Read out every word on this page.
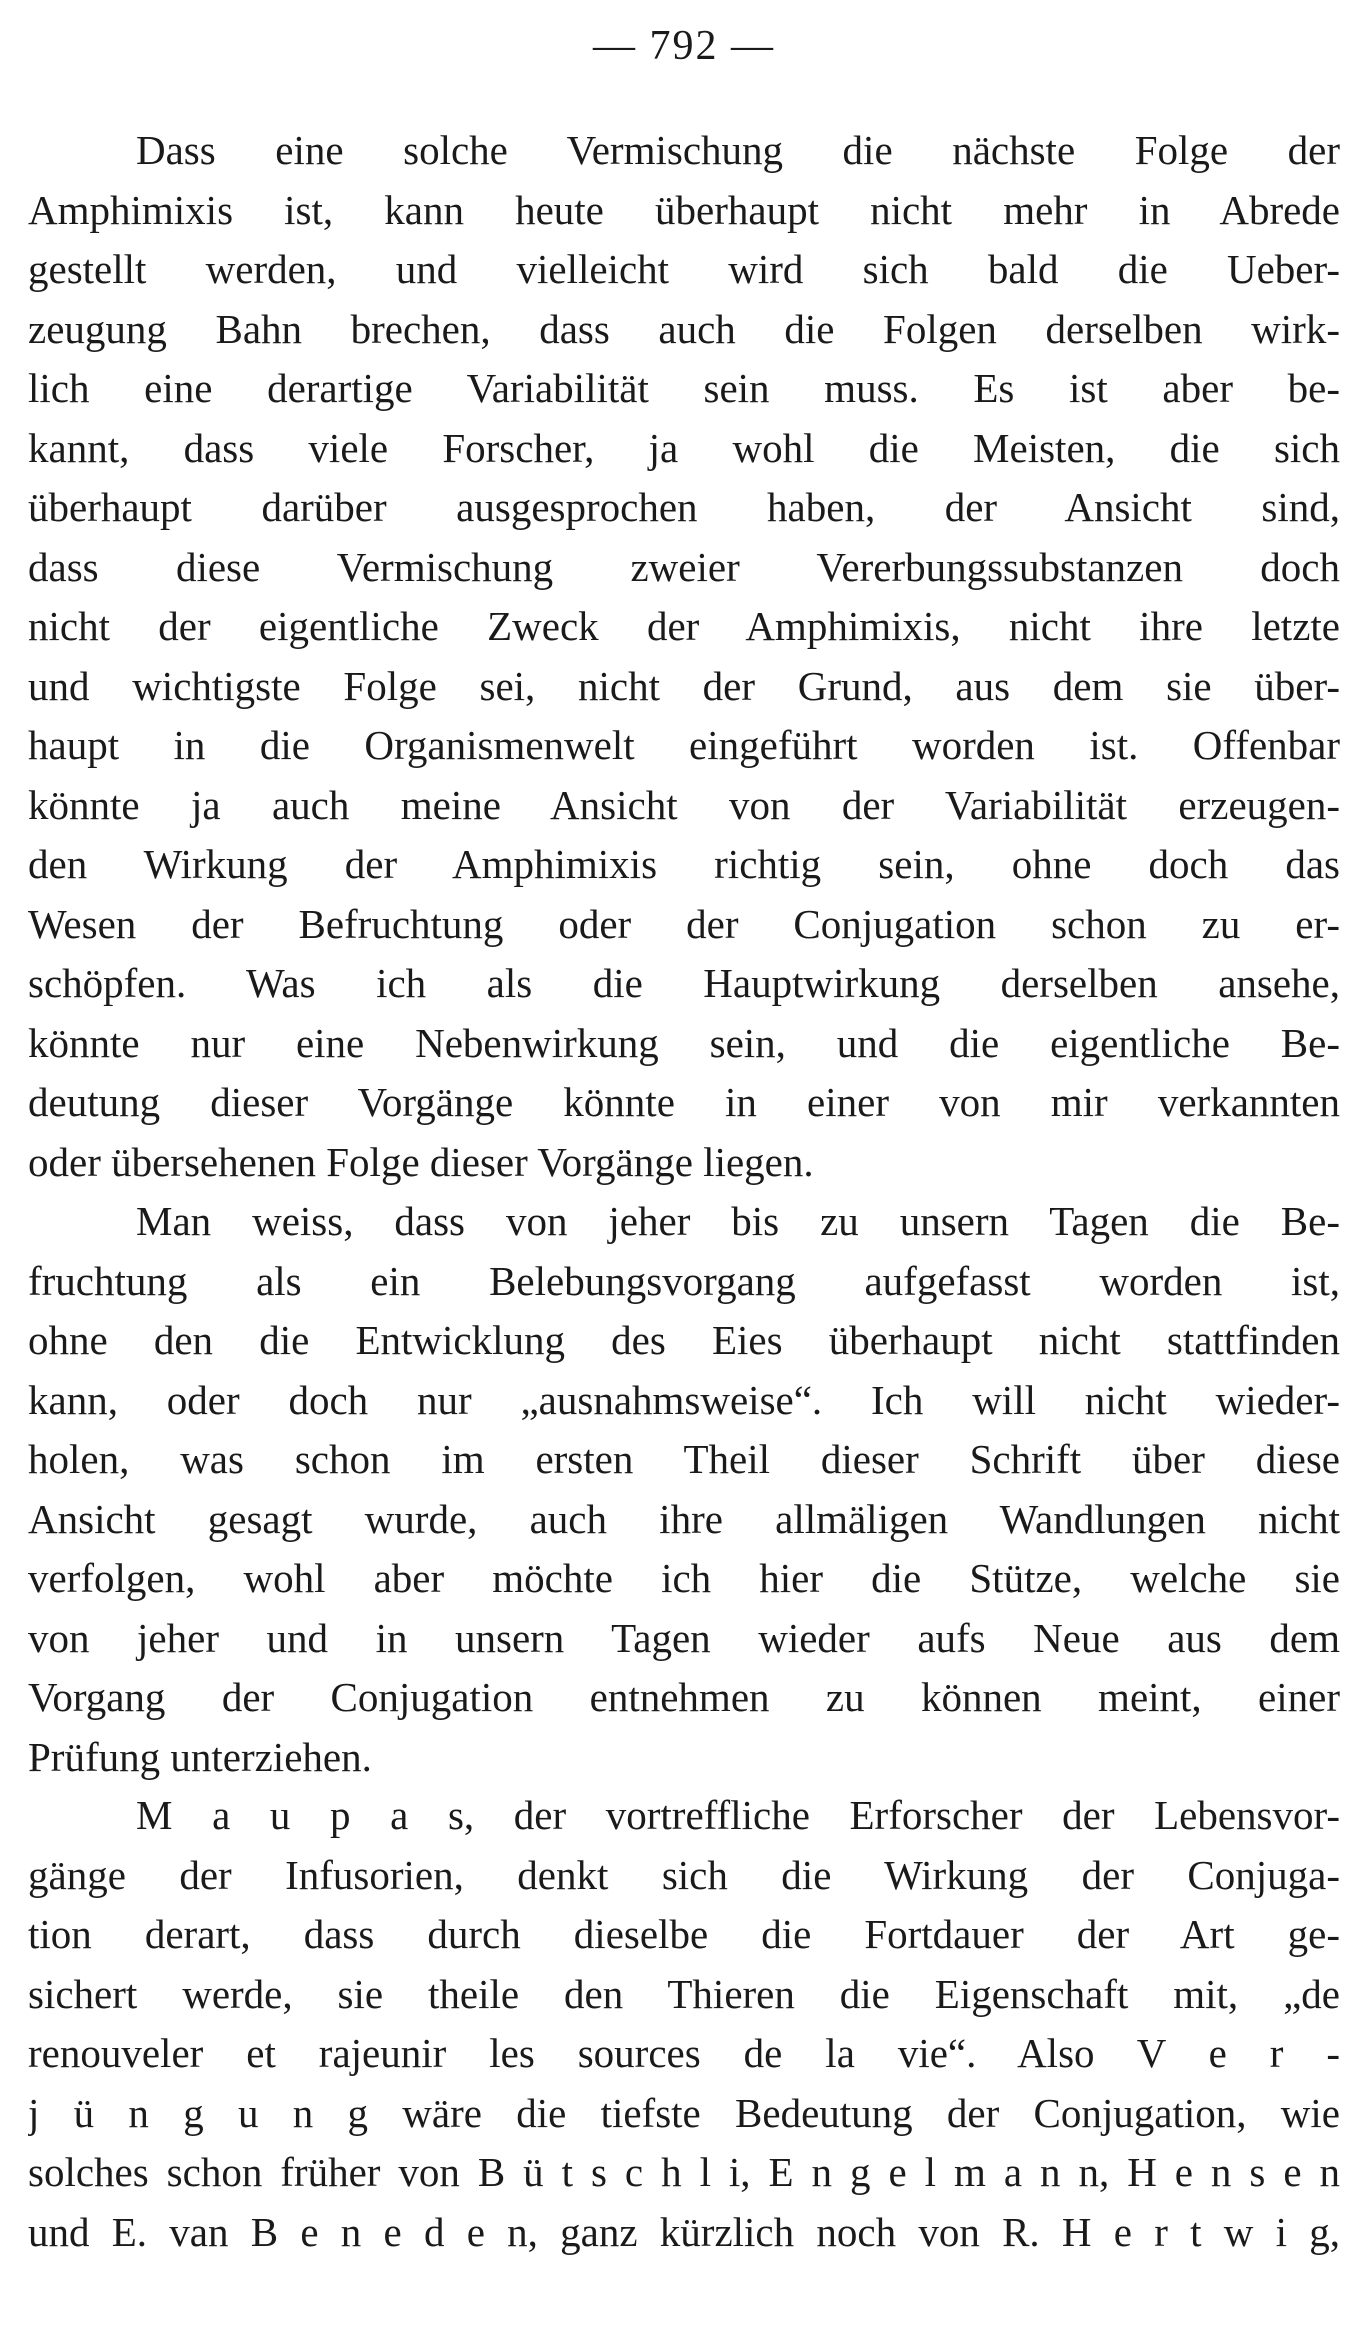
— 792 —
Dass eine solche Vermischung die nächste Folge der
Amphimixis ist, kann heute überhaupt nicht mehr in Abrede
gestellt werden, und vielleicht wird sich bald die Ueber-
zeugung Bahn brechen, dass auch die Folgen derselben wirk-
lich eine derartige Variabilität sein muss. Es ist aber be-
kannt, dass viele Forscher, ja wohl die Meisten, die sich
überhaupt darüber ausgesprochen haben, der Ansicht sind,
dass diese Vermischung zweier Vererbungssubstanzen doch
nicht der eigentliche Zweck der Amphimixis, nicht ihre letzte
und wichtigste Folge sei, nicht der Grund, aus dem sie über-
haupt in die Organismenwelt eingeführt worden ist. Offenbar
könnte ja auch meine Ansicht von der Variabilität erzeugen-
den Wirkung der Amphimixis richtig sein, ohne doch das
Wesen der Befruchtung oder der Conjugation schon zu er-
schöpfen. Was ich als die Hauptwirkung derselben ansehe,
könnte nur eine Nebenwirkung sein, und die eigentliche Be-
deutung dieser Vorgänge könnte in einer von mir verkannten
oder übersehenen Folge dieser Vorgänge liegen.
Man weiss, dass von jeher bis zu unsern Tagen die Be-
fruchtung als ein Belebungsvorgang aufgefasst worden ist,
ohne den die Entwicklung des Eies überhaupt nicht stattfinden
kann, oder doch nur „ausnahmsweise“. Ich will nicht wieder-
holen, was schon im ersten Theil dieser Schrift über diese
Ansicht gesagt wurde, auch ihre allmäligen Wandlungen nicht
verfolgen, wohl aber möchte ich hier die Stütze, welche sie
von jeher und in unsern Tagen wieder aufs Neue aus dem
Vorgang der Conjugation entnehmen zu können meint, einer
Prüfung unterziehen.
M a u p a s, der vortreffliche Erforscher der Lebensvor-
gänge der Infusorien, denkt sich die Wirkung der Conjuga-
tion derart, dass durch dieselbe die Fortdauer der Art ge-
sichert werde, sie theile den Thieren die Eigenschaft mit, „de
renouveler et rajeunir les sources de la vie“. Also V e r -
j ü n g u n g wäre die tiefste Bedeutung der Conjugation, wie
solches schon früher von B ü t s c h l i, E n g e l m a n n, H e n s e n
und E. van B e n e d e n, ganz kürzlich noch von R. H e r t w i g,
